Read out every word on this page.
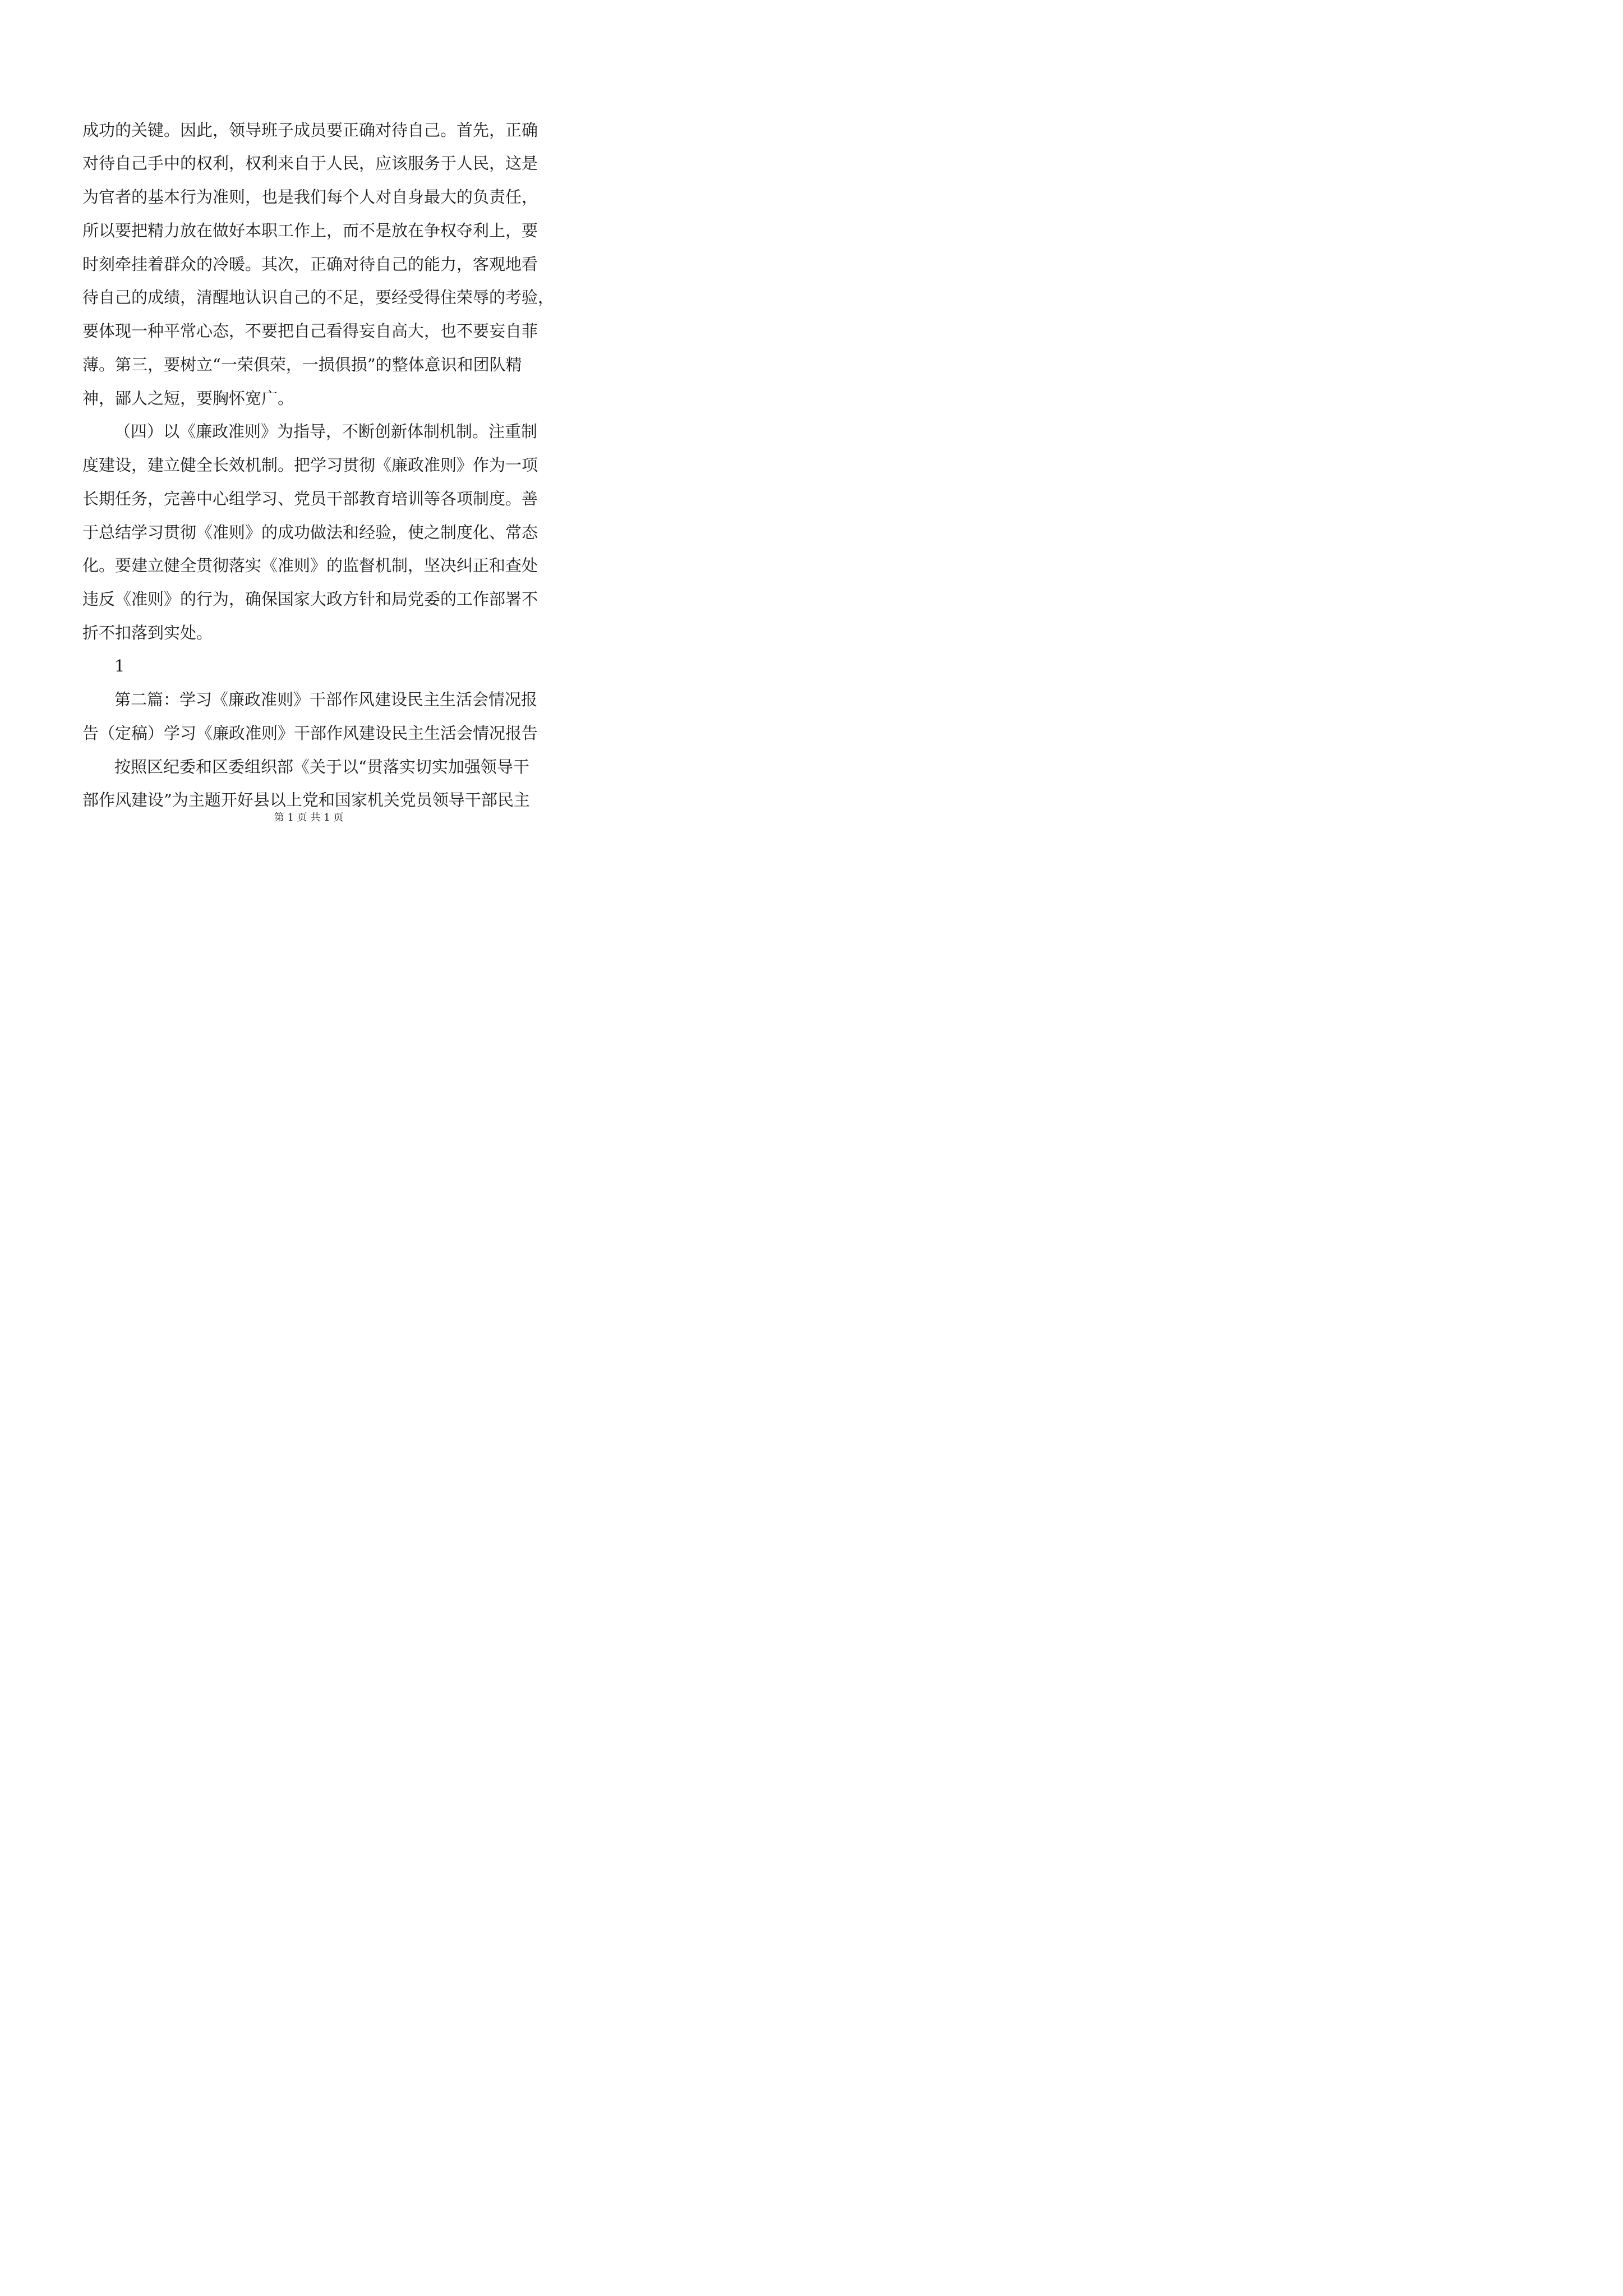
成功的关键。因此，领导班子成员要正确对待自己。首先，正确
对待自己手中的权利，权利来自于人民，应该服务于人民，这是
为官者的基本行为准则，也是我们每个人对自身最大的负责任，
所以要把精力放在做好本职工作上，而不是放在争权夺利上，要
时刻牵挂着群众的冷暖。其次，正确对待自己的能力，客观地看
待自己的成绩，清醒地认识自己的不足，要经受得住荣辱的考验，
要体现一种平常心态，不要把自己看得妄自高大，也不要妄自菲
薄。第三，要树立“一荣俱荣，一损俱损”的整体意识和团队精
神，鄙人之短，要胸怀宽广。
（四）以《廉政准则》为指导，不断创新体制机制。注重制
度建设，建立健全长效机制。把学习贯彻《廉政准则》作为一项
长期任务，完善中心组学习、党员干部教育培训等各项制度。善
于总结学习贯彻《准则》的成功做法和经验，使之制度化、常态
化。要建立健全贯彻落实《准则》的监督机制，坚决纠正和查处
违反《准则》的行为，确保国家大政方针和局党委的工作部署不
折不扣落到实处。
1
第二篇：学习《廉政准则》干部作风建设民主生活会情况报
告（定稿）学习《廉政准则》干部作风建设民主生活会情况报告
按照区纪委和区委组织部《关于以“贯落实切实加强领导干
部作风建设”为主题开好县以上党和国家机关党员领导干部民主
第 1 页 共 1 页
